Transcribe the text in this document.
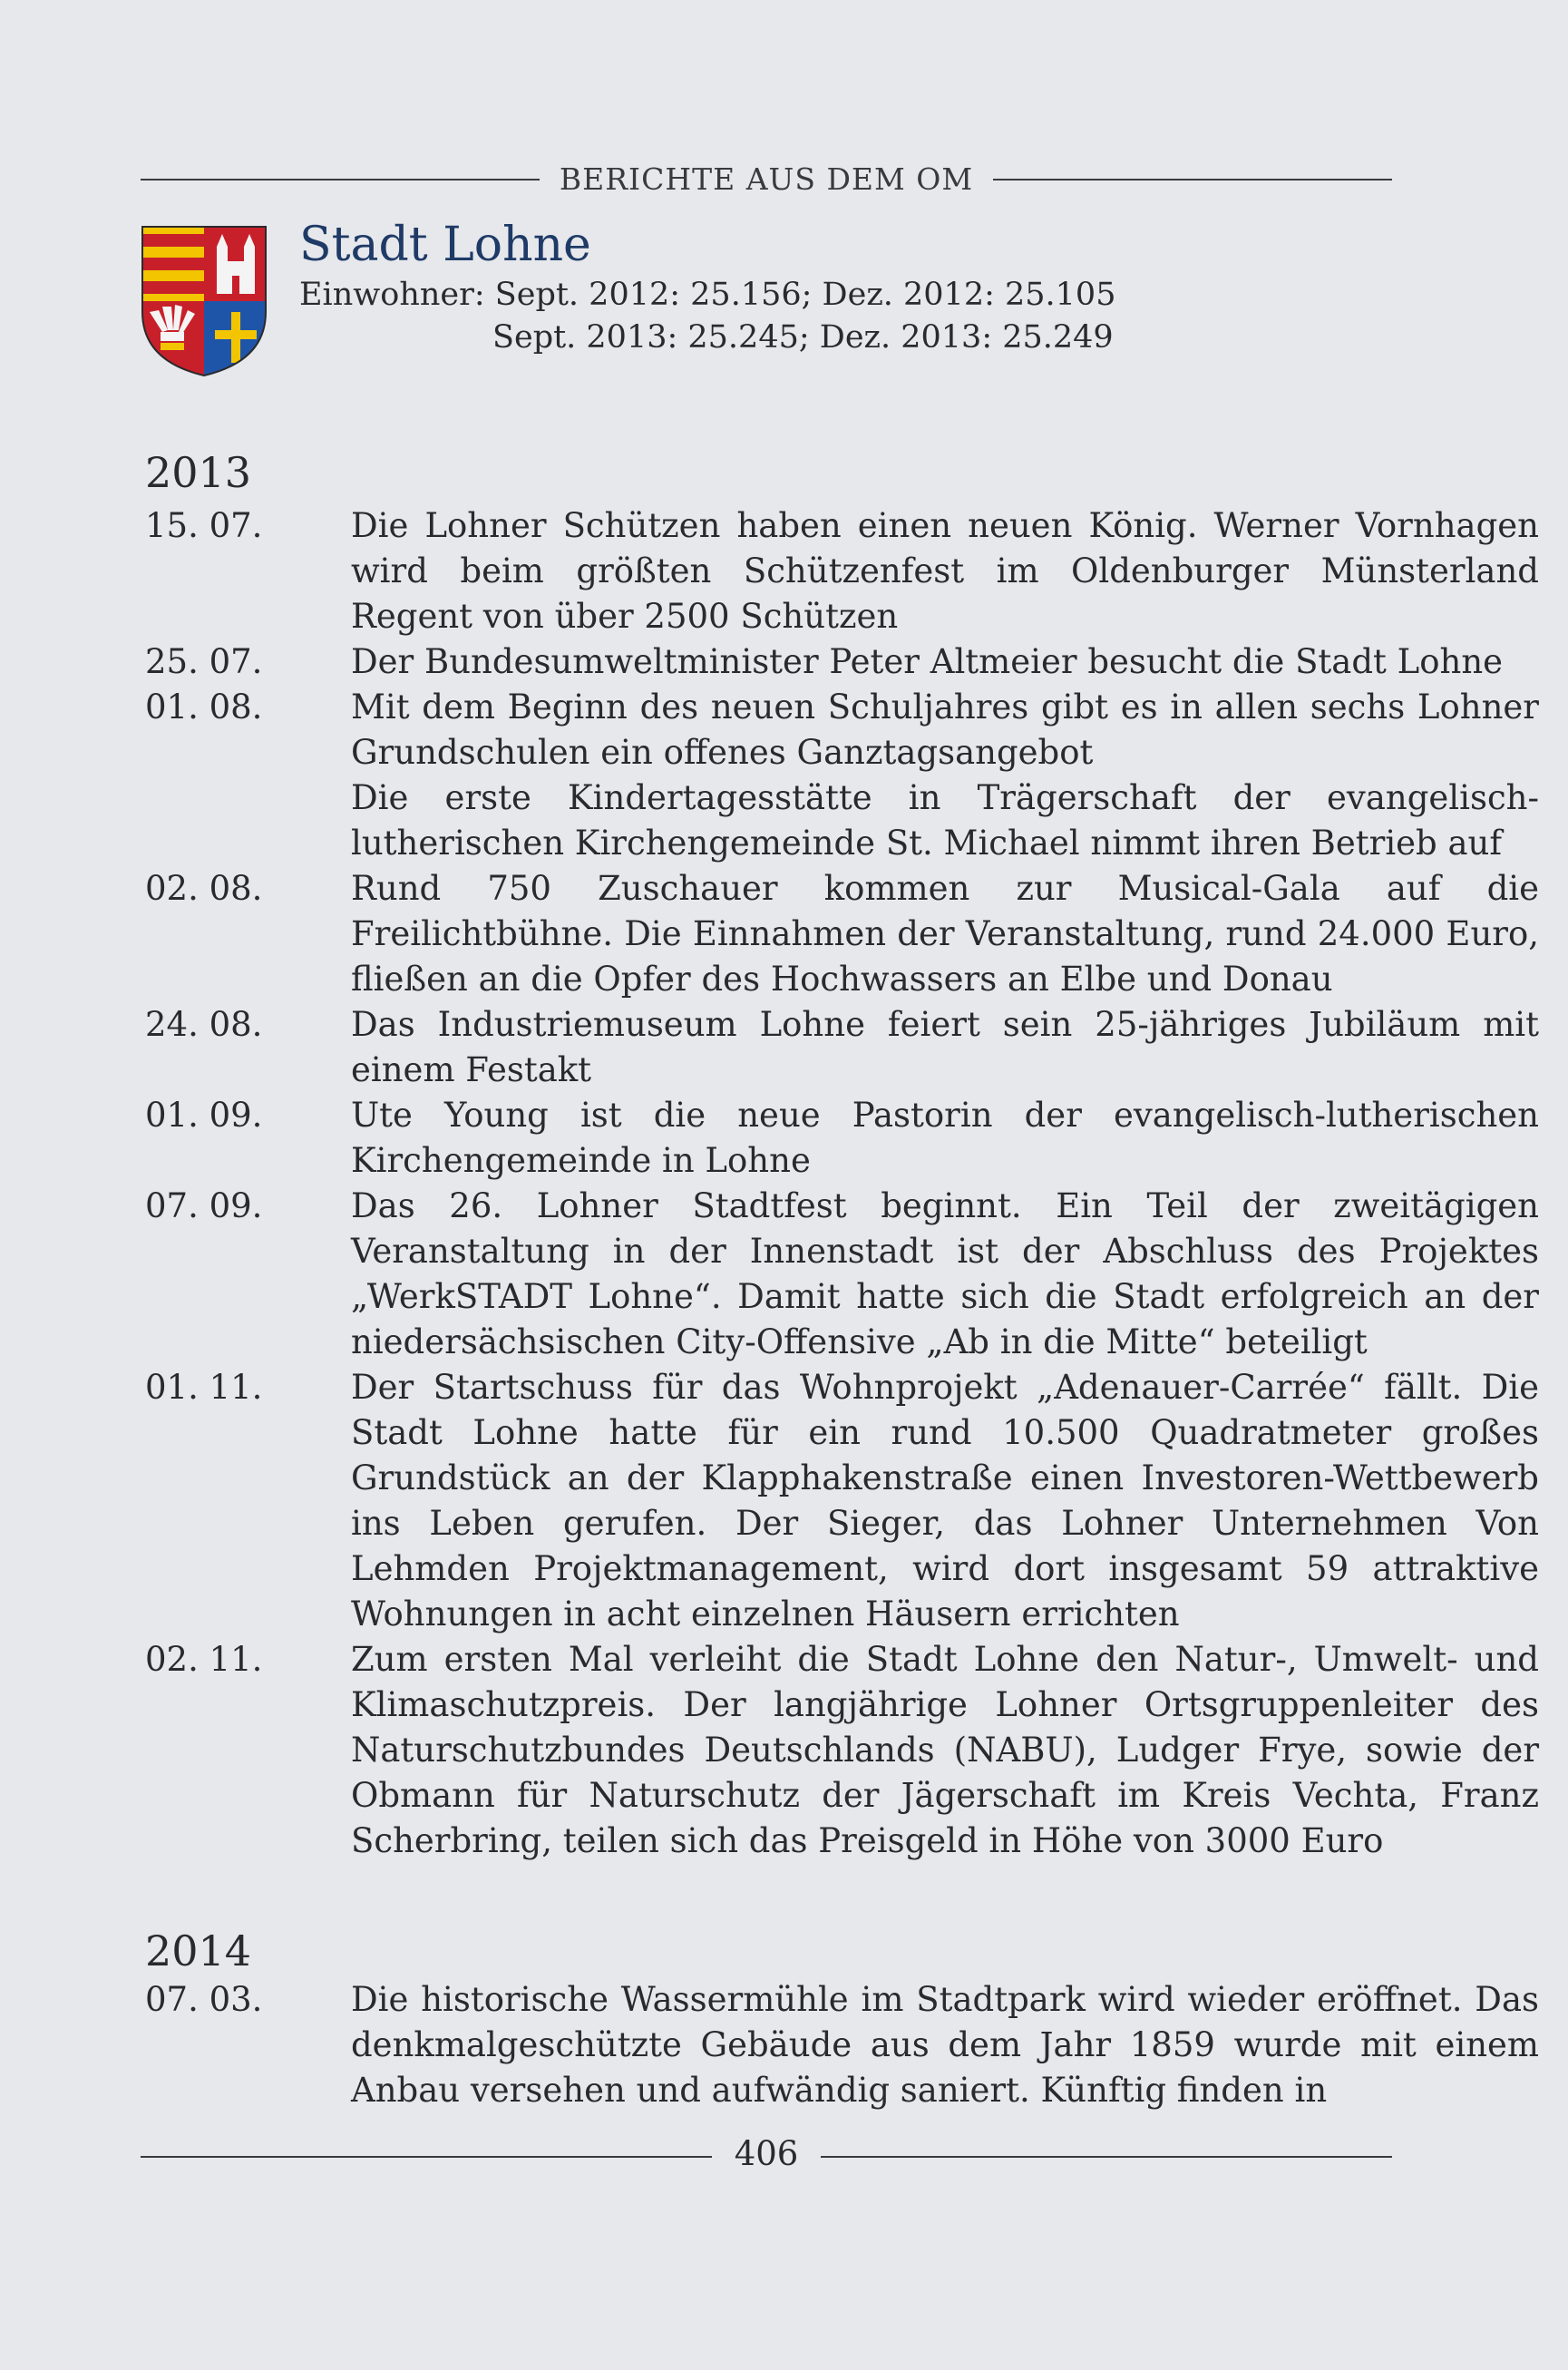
BERICHTE AUS DEM OM
Stadt Lohne
Einwohner: Sept. 2012: 25.156; Dez. 2012: 25.105
Sept. 2013: 25.245; Dez. 2013: 25.249
2013
15. 07.	Die Lohner Schützen haben einen neuen König. Werner Vornhagen wird beim größten Schützenfest im Oldenburger Münsterland Regent von über 2500 Schützen
25. 07.	Der Bundesumweltminister Peter Altmeier besucht die Stadt Lohne
01. 08.	Mit dem Beginn des neuen Schuljahres gibt es in allen sechs Lohner Grundschulen ein offenes Ganztagsangebot
Die erste Kindertagesstätte in Trägerschaft der evangelisch-lutherischen Kirchengemeinde St. Michael nimmt ihren Betrieb auf
02. 08.	Rund 750 Zuschauer kommen zur Musical-Gala auf die Freilichtbühne. Die Einnahmen der Veranstaltung, rund 24.000 Euro, fließen an die Opfer des Hochwassers an Elbe und Donau
24. 08.	Das Industriemuseum Lohne feiert sein 25-jähriges Jubiläum mit einem Festakt
01. 09.	Ute Young ist die neue Pastorin der evangelisch-lutherischen Kirchengemeinde in Lohne
07. 09.	Das 26. Lohner Stadtfest beginnt. Ein Teil der zweitägigen Veranstaltung in der Innenstadt ist der Abschluss des Projektes „WerkSTADT Lohne“. Damit hatte sich die Stadt erfolgreich an der niedersächsischen City-Offensive „Ab in die Mitte“ beteiligt
01. 11.	Der Startschuss für das Wohnprojekt „Adenauer-Carrée“ fällt. Die Stadt Lohne hatte für ein rund 10.500 Quadratmeter großes Grundstück an der Klapphakenstraße einen Investoren-Wettbewerb ins Leben gerufen. Der Sieger, das Lohner Unternehmen Von Lehmden Projektmanagement, wird dort insgesamt 59 attraktive Wohnungen in acht einzelnen Häusern errichten
02. 11.	Zum ersten Mal verleiht die Stadt Lohne den Natur-, Umwelt- und Klimaschutzpreis. Der langjährige Lohner Ortsgruppenleiter des Naturschutzbundes Deutschlands (NABU), Ludger Frye, sowie der Obmann für Naturschutz der Jägerschaft im Kreis Vechta, Franz Scherbring, teilen sich das Preisgeld in Höhe von 3000 Euro
2014
07. 03.	Die historische Wassermühle im Stadtpark wird wieder eröffnet. Das denkmalgeschützte Gebäude aus dem Jahr 1859 wurde mit einem Anbau versehen und aufwändig saniert. Künftig finden in
406
